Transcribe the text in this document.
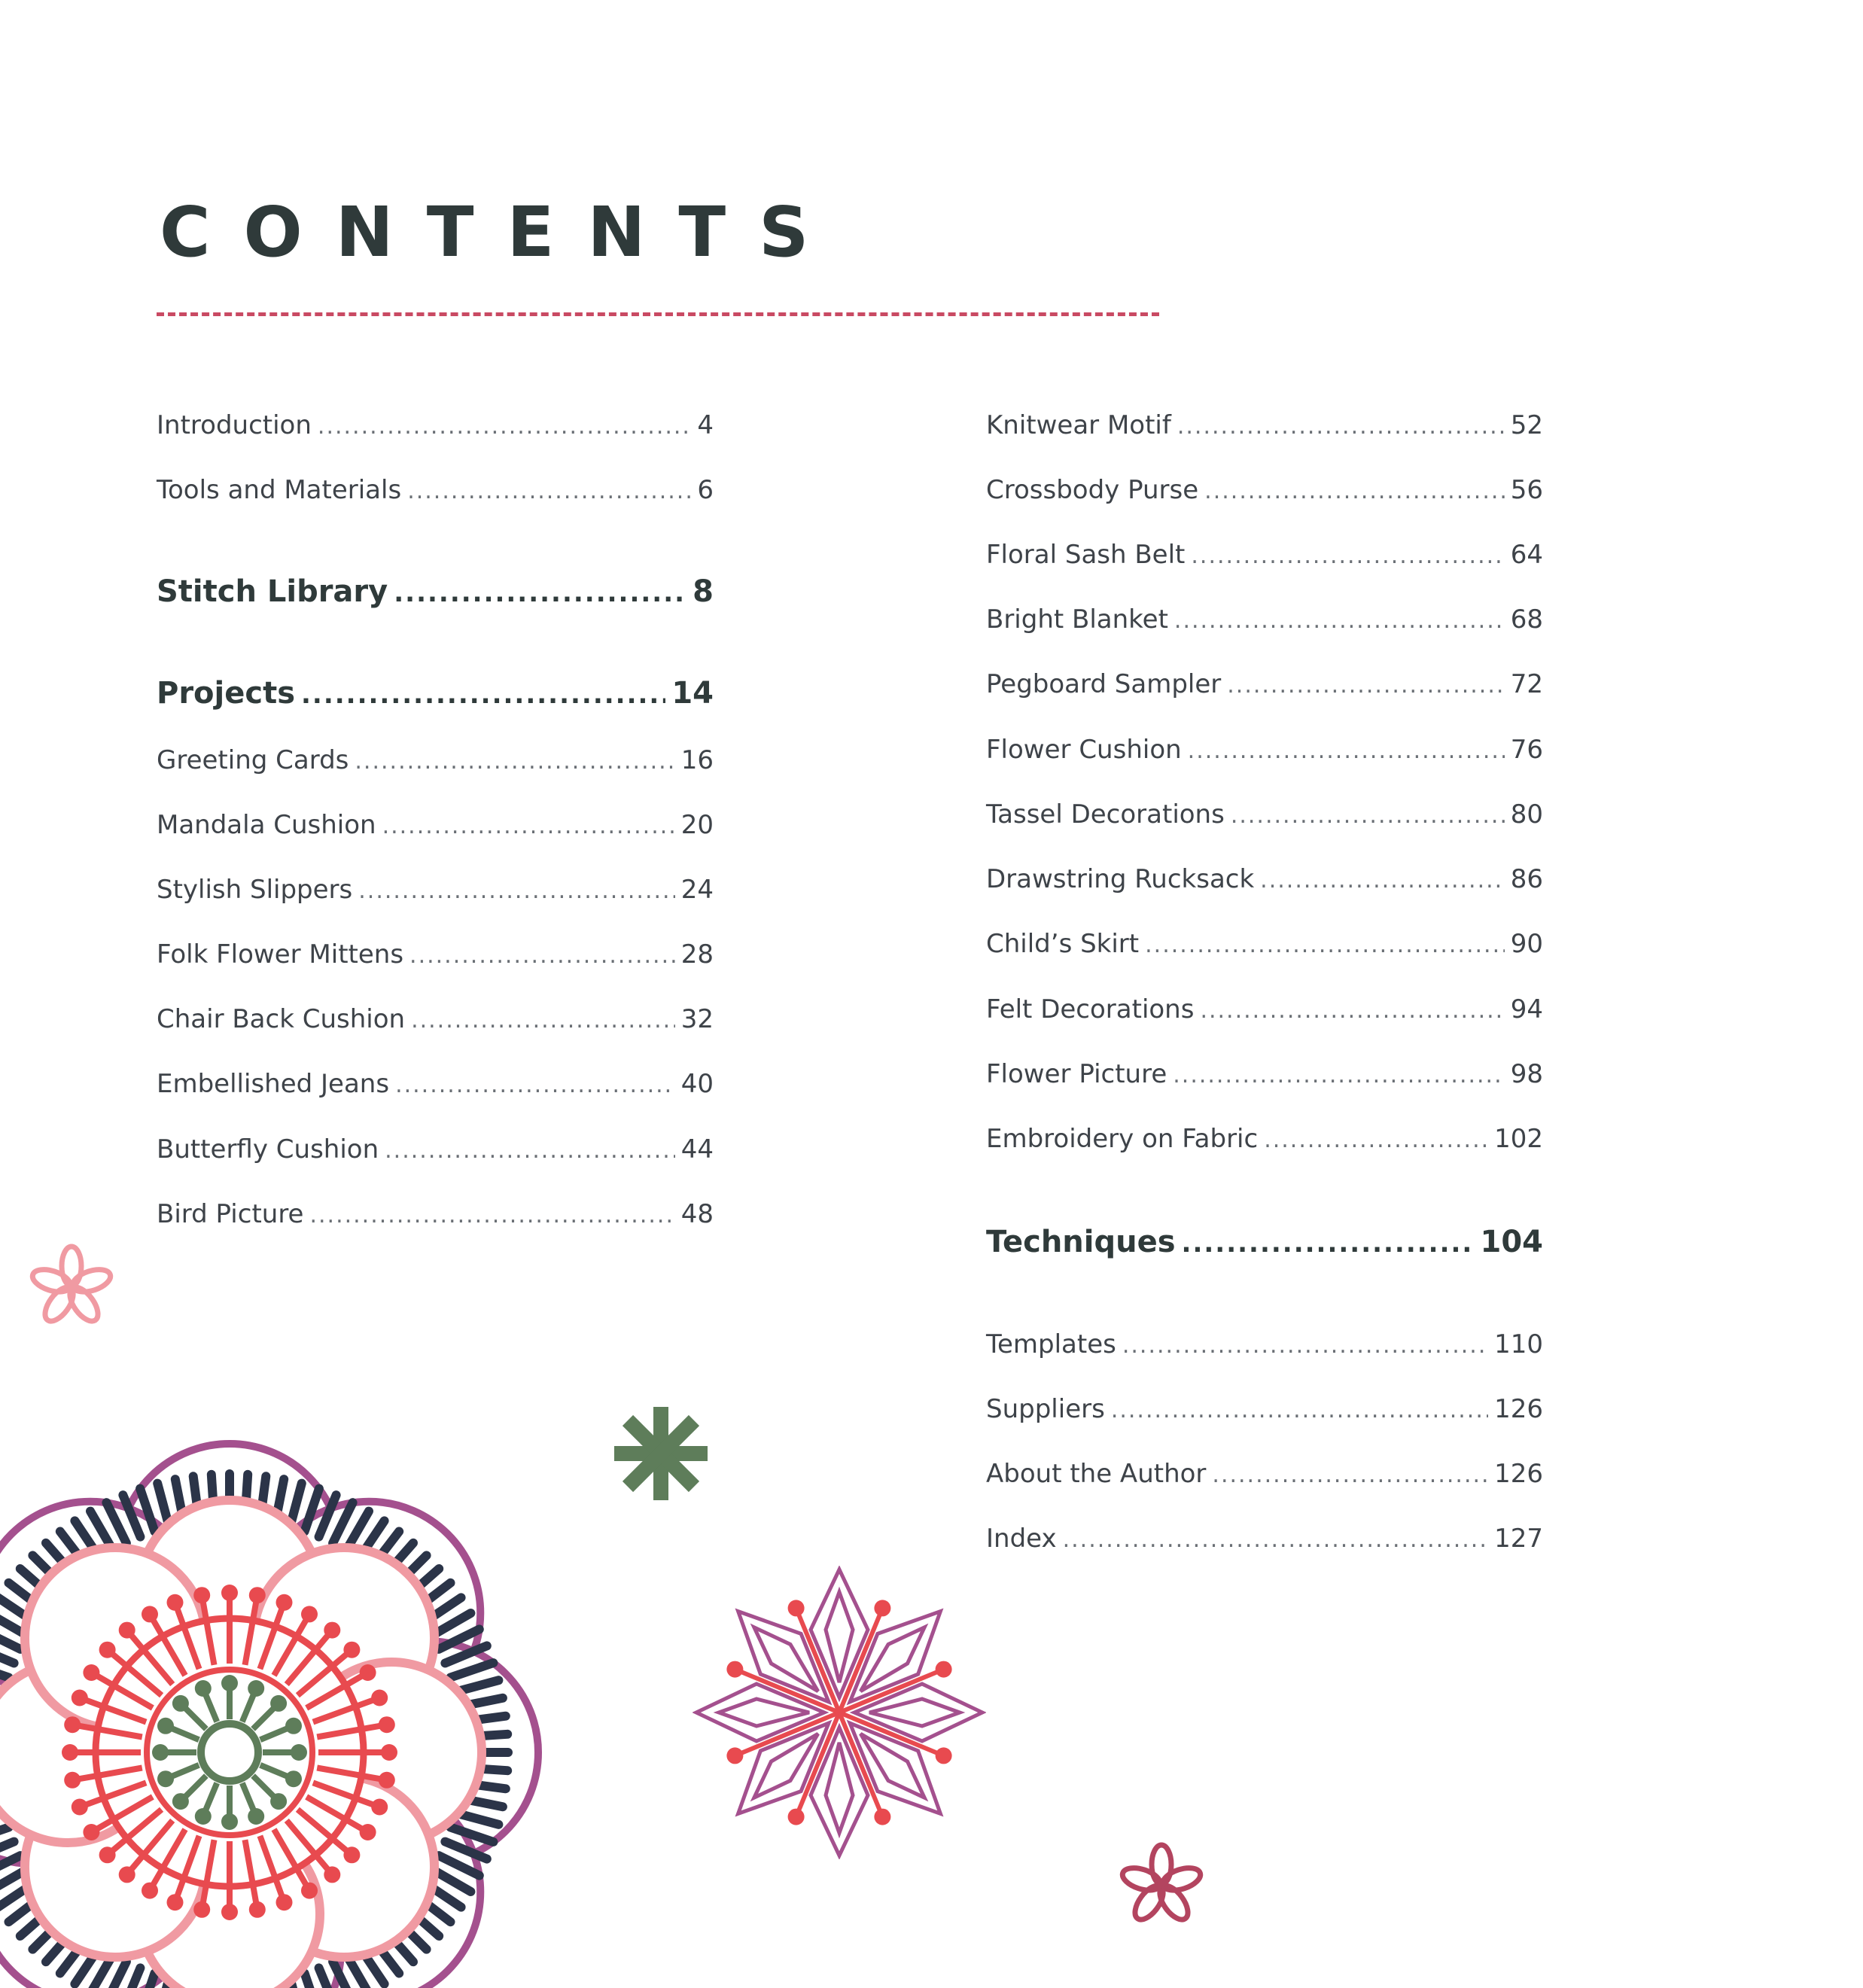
CONTENTS
Introduction .....	4
Tools and Materials .....	6
Stitch Library .....	8
Projects .....	14
Greeting Cards .....	16
Mandala Cushion .....	20
Stylish Slippers .....	24
Folk Flower Mittens .....	28
Chair Back Cushion .....	32
Embellished Jeans .....	40
Butterfly Cushion .....	44
Bird Picture .....	48
Knitwear Motif .....	52
Crossbody Purse .....	56
Floral Sash Belt .....	64
Bright Blanket .....	68
Pegboard Sampler .....	72
Flower Cushion .....	76
Tassel Decorations .....	80
Drawstring Rucksack .....	86
Child’s Skirt .....	90
Felt Decorations .....	94
Flower Picture .....	98
Embroidery on Fabric .....	102
Techniques .....	104
Templates .....	110
Suppliers .....	126
About the Author .....	126
Index .....	127
